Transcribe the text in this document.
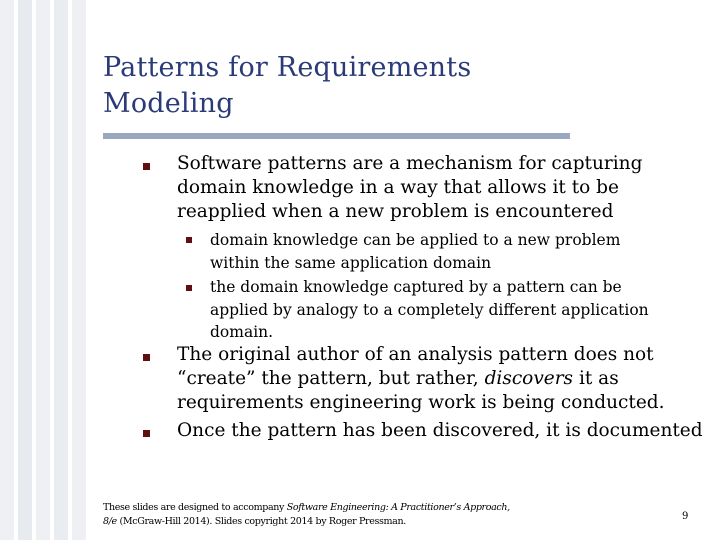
Patterns for Requirements
Modeling

Software patterns are a mechanism for capturing
domain knowledge in a way that allows it to be
reapplied when a new problem is encountered

domain knowledge can be applied to a new problem
within the same application domain

the domain knowledge captured by a pattern can be
applied by analogy to a completely different application
domain.

The original author of an analysis pattern does not
“create” the pattern, but rather, discovers it as
requirements engineering work is being conducted.

Once the pattern has been discovered, it is documented

These slides are designed to accompany Software Engineering: A Practitioner’s Approach,
8/e (McGraw-Hill 2014). Slides copyright 2014 by Roger Pressman.	9
